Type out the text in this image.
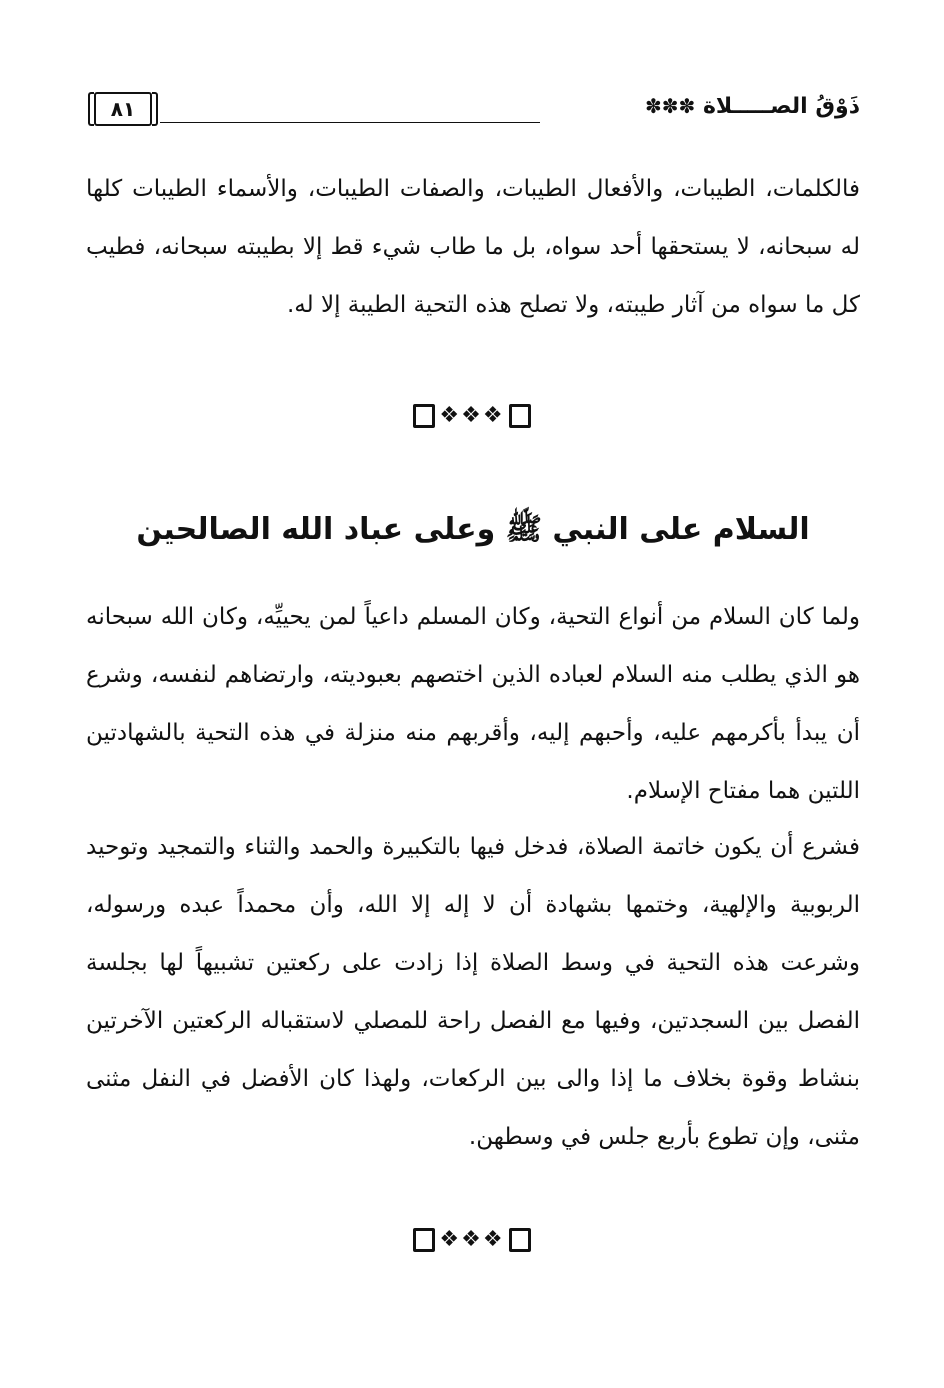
٨١	ذَوْقُ الصـــــلاة ✽✽✽
فالكلمات، الطيبات، والأفعال الطيبات، والصفات الطيبات، والأسماء الطيبات كلها له سبحانه، لا يستحقها أحد سواه، بل ما طاب شيء قط إلا بطيبته سبحانه، فطيب كل ما سواه من آثار طيبته، ولا تصلح هذه التحية الطيبة إلا له.
❖❖❖
السلام على النبي ﷺ وعلى عباد الله الصالحين
ولما كان السلام من أنواع التحية، وكان المسلم داعياً لمن يحييِّه، وكان الله سبحانه هو الذي يطلب منه السلام لعباده الذين اختصهم بعبوديته، وارتضاهم لنفسه، وشرع أن يبدأ بأكرمهم عليه، وأحبهم إليه، وأقربهم منه منزلة في هذه التحية بالشهادتين اللتين هما مفتاح الإسلام.
فشرع أن يكون خاتمة الصلاة، فدخل فيها بالتكبيرة والحمد والثناء والتمجيد وتوحيد الربوبية والإلهية، وختمها بشهادة أن لا إله إلا الله، وأن محمداً عبده ورسوله، وشرعت هذه التحية في وسط الصلاة إذا زادت على ركعتين تشبيهاً لها بجلسة الفصل بين السجدتين، وفيها مع الفصل راحة للمصلي لاستقباله الركعتين الآخرتين بنشاط وقوة بخلاف ما إذا والى بين الركعات، ولهذا كان الأفضل في النفل مثنى مثنى، وإن تطوع بأربع جلس في وسطهن.
❖❖❖
